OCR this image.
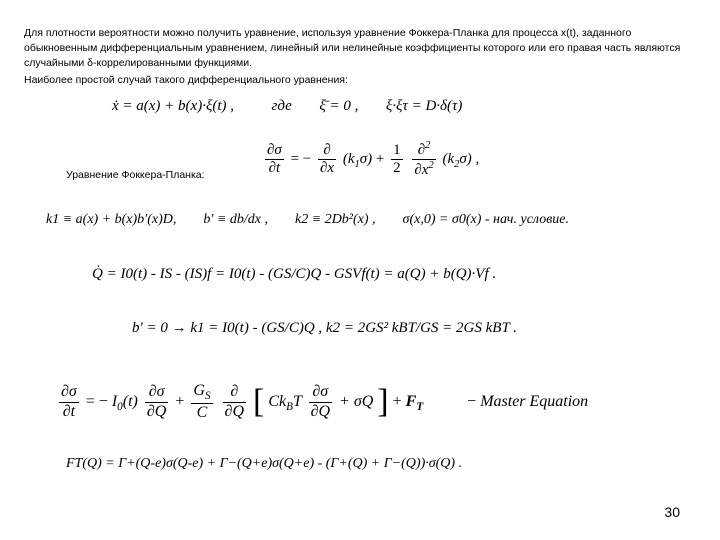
Для плотности вероятности можно получить уравнение, используя уравнение Фоккера-Планка для процесса x(t), заданного обыкновенным дифференциальным уравнением, линейный или нелинейные коэффициенты которого или его правая часть являются случайными δ-коррелированными функциями.
Наиболее простой случай такого дифференциального уравнения:
ẋ = a(x) + b(x)·ξ(t) ,	где ξ̄ = 0 , ξ·ξτ = D·δ(τ)
Уравнение Фоккера-Планка:	$\frac{\partial\sigma}{\partial t}$ = − $\frac{\partial}{\partial x} (k_1\sigma) + \frac{1}{2}$
$\frac{\partial^2}{\partial x^2} (k_2\sigma)$ ,
k1 ≡ a(x) + b(x)b′(x)D, b′ ≡ db/dx , k2 ≡ 2Db²(x) , σ(x,0) = σ0(x) - нач. условие.
Q̇ = I0(t) - IS - (IS)f = I0(t) - (GS/C)Q - GSVf(t) = a(Q) + b(Q)·Vf .
b′ = 0 → k1 = I0(t) - (GS/C)Q , k2 = 2GS² kBT/GS = 2GS kBT .
$\frac{\partial\sigma}{\partial t}$ = − $I_0(t) \frac{\partial\sigma}{\partial Q} + \frac{G_S}{C}$
$\frac{\partial}{\partial Q}$ [ $Ck_BT \frac{\partial\sigma}{\partial Q} + \sigma Q$ ] + $F_T$	− Master Equation
FT(Q) = Γ+(Q-e)σ(Q-e) + Γ−(Q+e)σ(Q+e) - (Γ+(Q) + Γ−(Q))·σ(Q) .
30
